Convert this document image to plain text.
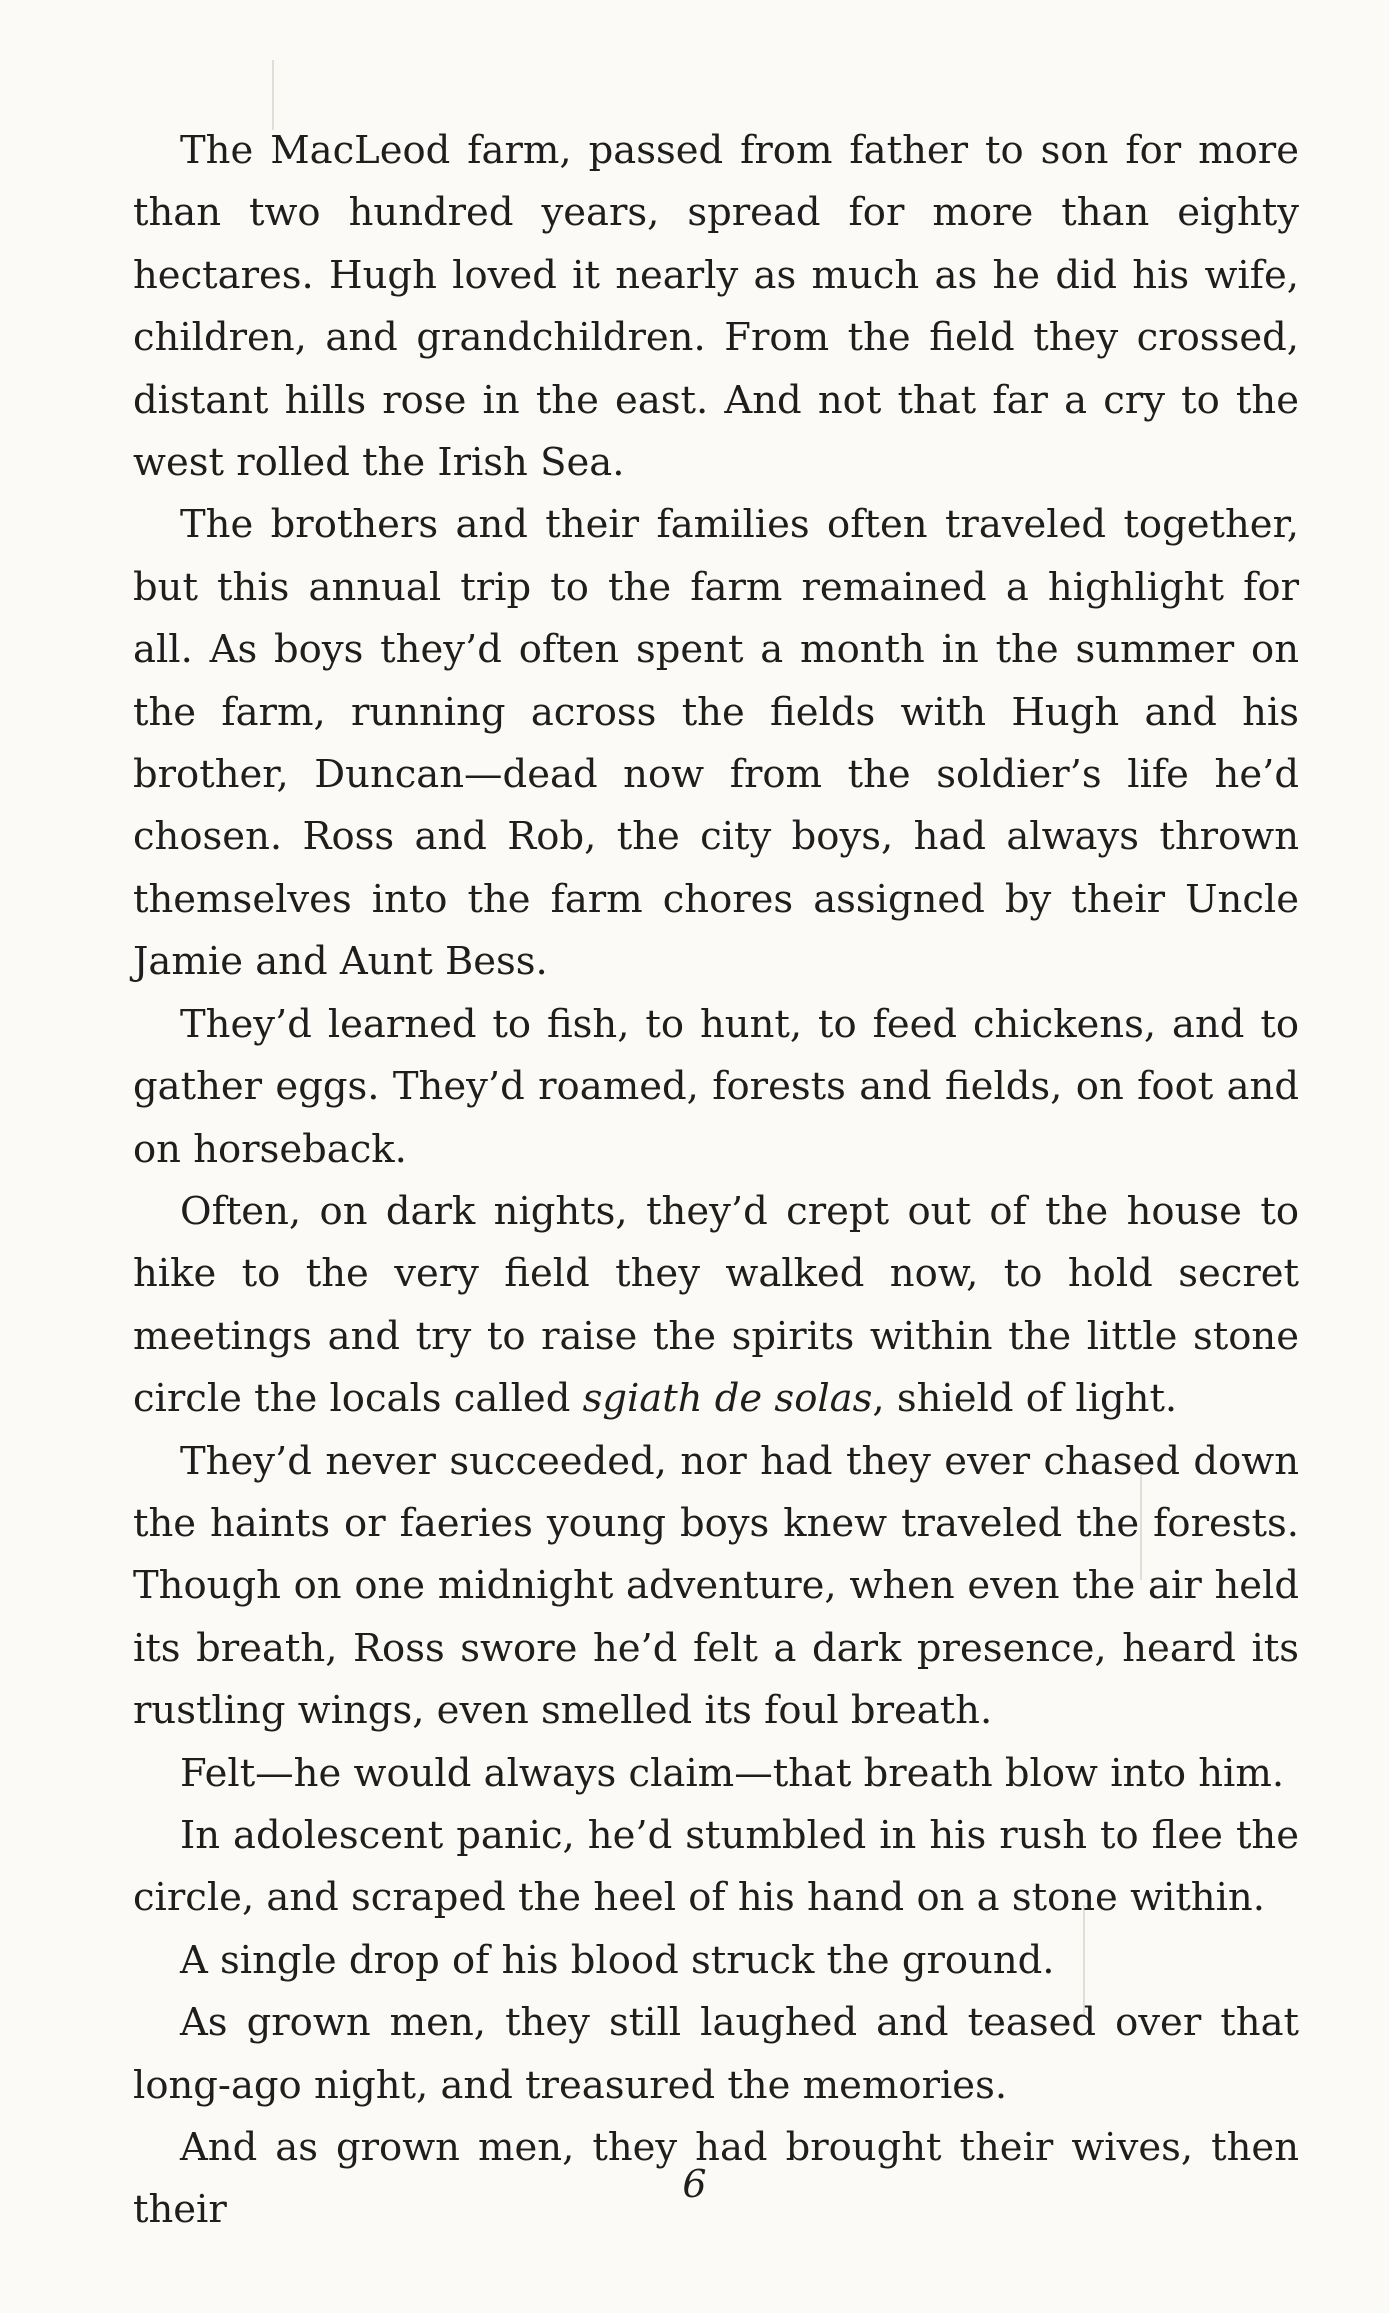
The MacLeod farm, passed from father to son for more than two hundred years, spread for more than eighty hectares. Hugh loved it nearly as much as he did his wife, children, and grandchildren. From the field they crossed, distant hills rose in the east. And not that far a cry to the west rolled the Irish Sea.

The brothers and their families often traveled together, but this annual trip to the farm remained a highlight for all. As boys they’d often spent a month in the summer on the farm, running across the fields with Hugh and his brother, Duncan—dead now from the soldier’s life he’d chosen. Ross and Rob, the city boys, had always thrown themselves into the farm chores assigned by their Uncle Jamie and Aunt Bess.

They’d learned to fish, to hunt, to feed chickens, and to gather eggs. They’d roamed, forests and fields, on foot and on horseback.

Often, on dark nights, they’d crept out of the house to hike to the very field they walked now, to hold secret meetings and try to raise the spirits within the little stone circle the locals called sgiath de solas, shield of light.

They’d never succeeded, nor had they ever chased down the haints or faeries young boys knew traveled the forests. Though on one midnight adventure, when even the air held its breath, Ross swore he’d felt a dark presence, heard its rustling wings, even smelled its foul breath.

Felt—he would always claim—that breath blow into him.

In adolescent panic, he’d stumbled in his rush to flee the circle, and scraped the heel of his hand on a stone within.

A single drop of his blood struck the ground.

As grown men, they still laughed and teased over that long-ago night, and treasured the memories.

And as grown men, they had brought their wives, then their

6
